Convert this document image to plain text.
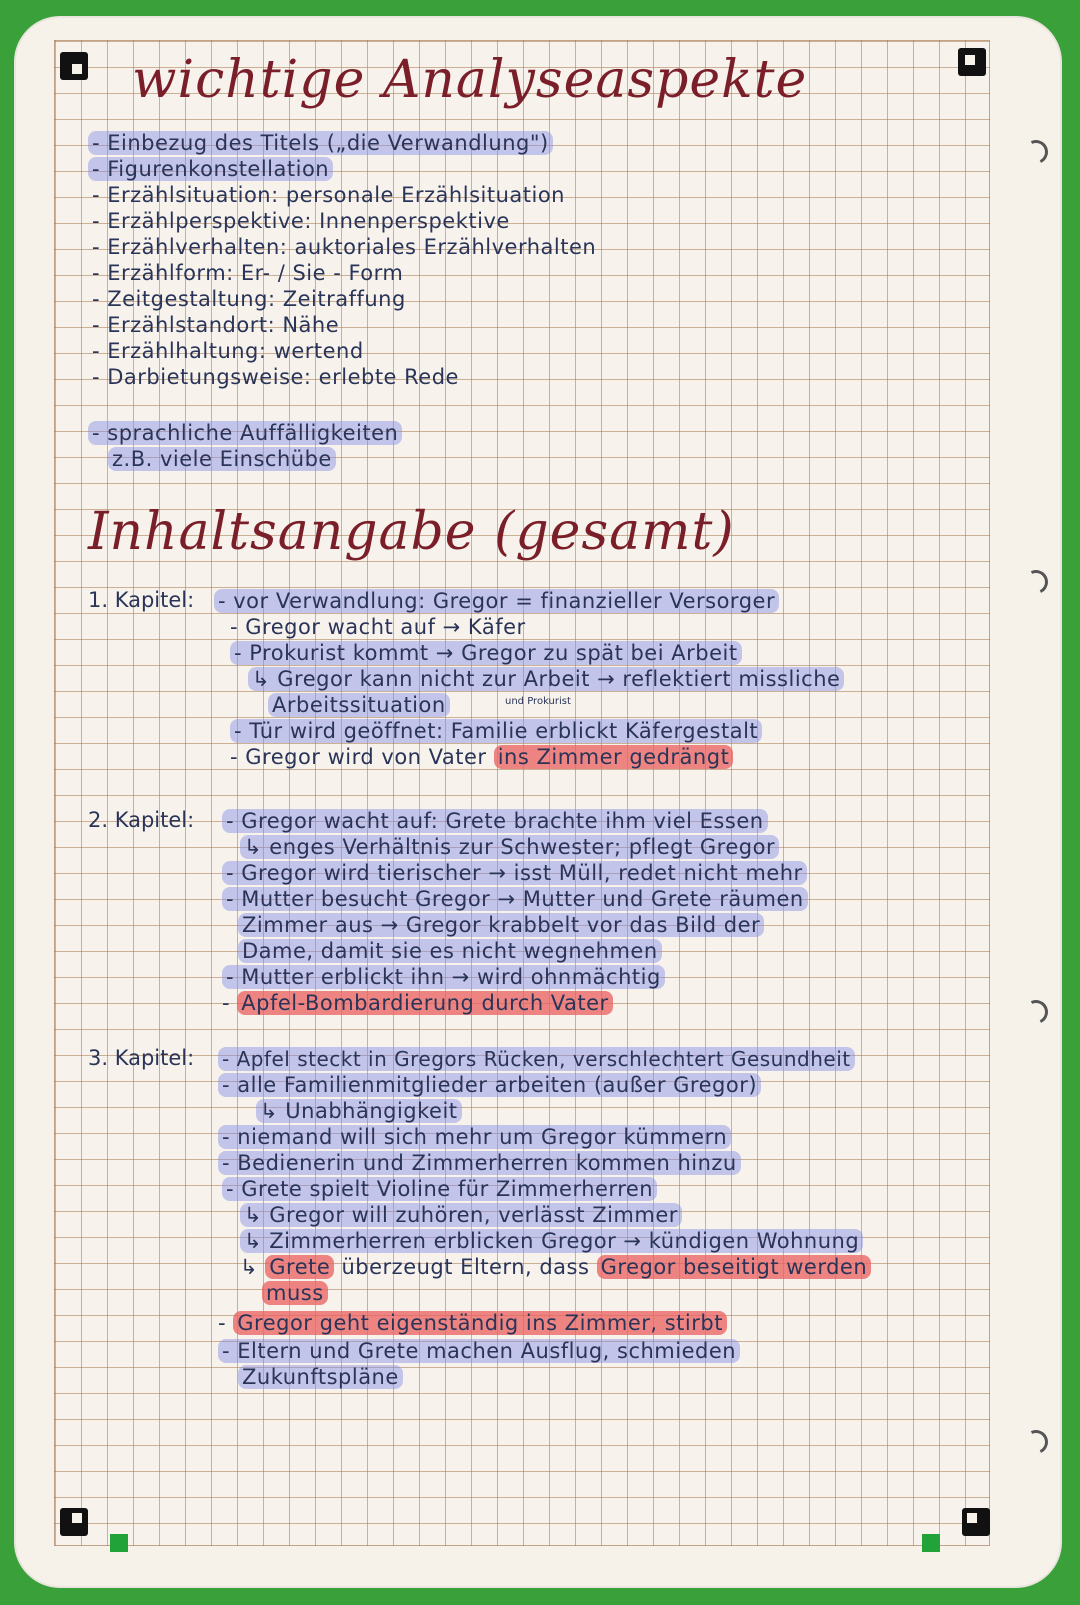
wichtige Analyseaspekte
- Einbezug des Titels („die Verwandlung")
- Figurenkonstellation
- Erzählsituation: personale Erzählsituation
- Erzählperspektive: Innenperspektive
- Erzählverhalten: auktoriales Erzählverhalten
- Erzählform: Er- / Sie - Form
- Zeitgestaltung: Zeitraffung
- Erzählstandort: Nähe
- Erzählhaltung: wertend
- Darbietungsweise: erlebte Rede
- sprachliche Auffälligkeiten
z.B. viele Einschübe
Inhaltsangabe (gesamt)
1. Kapitel: - vor Verwandlung: Gregor = finanzieller Versorger
- Gregor wacht auf → Käfer
- Prokurist kommt → Gregor zu spät bei Arbeit
↳ Gregor kann nicht zur Arbeit → reflektiert missliche
Arbeitssituation	und Prokurist
- Tür wird geöffnet: Familie erblickt Käfergestalt
- Gregor wird von Vater ins Zimmer gedrängt
2. Kapitel: - Gregor wacht auf: Grete brachte ihm viel Essen
↳ enges Verhältnis zur Schwester; pflegt Gregor
- Gregor wird tierischer → isst Müll, redet nicht mehr
- Mutter besucht Gregor → Mutter und Grete räumen
Zimmer aus → Gregor krabbelt vor das Bild der
Dame, damit sie es nicht wegnehmen
- Mutter erblickt ihn → wird ohnmächtig
- Apfel-Bombardierung durch Vater
3. Kapitel: - Apfel steckt in Gregors Rücken, verschlechtert Gesundheit
- alle Familienmitglieder arbeiten (außer Gregor)
↳ Unabhängigkeit
- niemand will sich mehr um Gregor kümmern
- Bedienerin und Zimmerherren kommen hinzu
- Grete spielt Violine für Zimmerherren
↳ Gregor will zuhören, verlässt Zimmer
↳ Zimmerherren erblicken Gregor → kündigen Wohnung
↳ Grete überzeugt Eltern, dass Gregor beseitigt werden
muss
- Gregor geht eigenständig ins Zimmer, stirbt
- Eltern und Grete machen Ausflug, schmieden
Zukunftspläne
